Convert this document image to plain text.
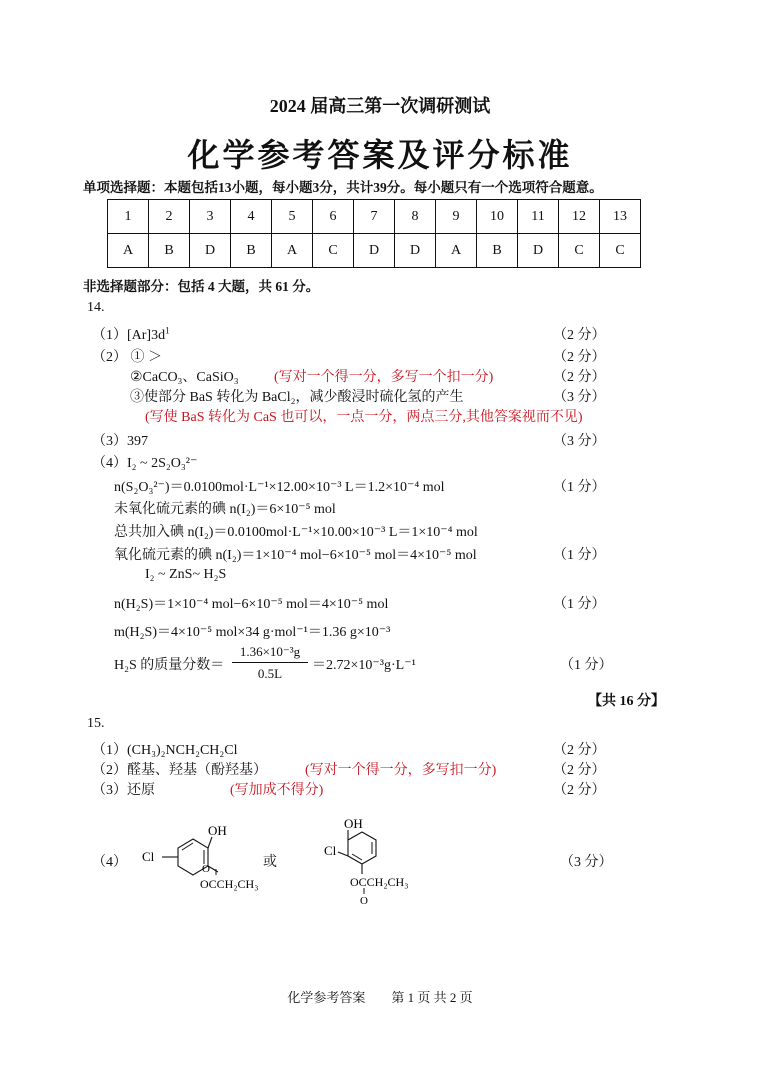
2024 届高三第一次调研测试
化学参考答案及评分标准
单项选择题：本题包括13小题，每小题3分，共计39分。每小题只有一个选项符合题意。
1	2	3	4	5	6	7	8	9	10	11	12	13
A	B	D	B	A	C	D	D	A	B	D	C	C
非选择题部分：包括 4 大题，共 61 分。
14.
$(1)[Ar]3d^1$	（2 分）
（2） ① ＞	（2 分）
②CaCO₃、CaSiO₃	(写对一个得一分，多写一个扣一分)	（2 分）
③使部分 BaS 转化为 BaCl₂，减少酸浸时硫化氢的产生	（3 分）
(写使 BaS 转化为 CaS 也可以，一点一分，两点三分,其他答案视而不见)
（3）397	（3 分）
（4）I₂ ~ 2S₂O₃²⁻
n(S₂O₃²⁻)＝0.0100mol·L⁻¹×12.00×10⁻³ L＝1.2×10⁻⁴ mol	（1 分）
未氧化硫元素的碘 n(I₂)＝6×10⁻⁵ mol
总共加入碘 n(I₂)＝0.0100mol·L⁻¹×10.00×10⁻³ L＝1×10⁻⁴ mol
氧化硫元素的碘 n(I₂)＝1×10⁻⁴ mol−6×10⁻⁵ mol＝4×10⁻⁵ mol	（1 分）
I₂ ~ ZnS~ H₂S
n(H₂S)＝1×10⁻⁴ mol−6×10⁻⁵ mol＝4×10⁻⁵ mol	（1 分）
m(H₂S)＝4×10⁻⁵ mol×34 g·mol⁻¹＝1.36 g×10⁻³
H₂S 的质量分数＝
1.36×10⁻³g
0.5L
＝2.72×10⁻³g·L⁻¹	（1 分）
【共 16 分】
15.
（1）(CH₃)₂NCH₂CH₂Cl	（2 分）
（2）醛基、羟基（酚羟基）	(写对一个得一分，多写扣一分)	（2 分）
（3）还原	(写加成不得分)	（2 分）
（4）	或	（3 分）
OH
Cl
OCCH₂CH₃
O
OH
Cl
OCCH₂CH₃
O
化学参考答案　　第 1 页 共 2 页
